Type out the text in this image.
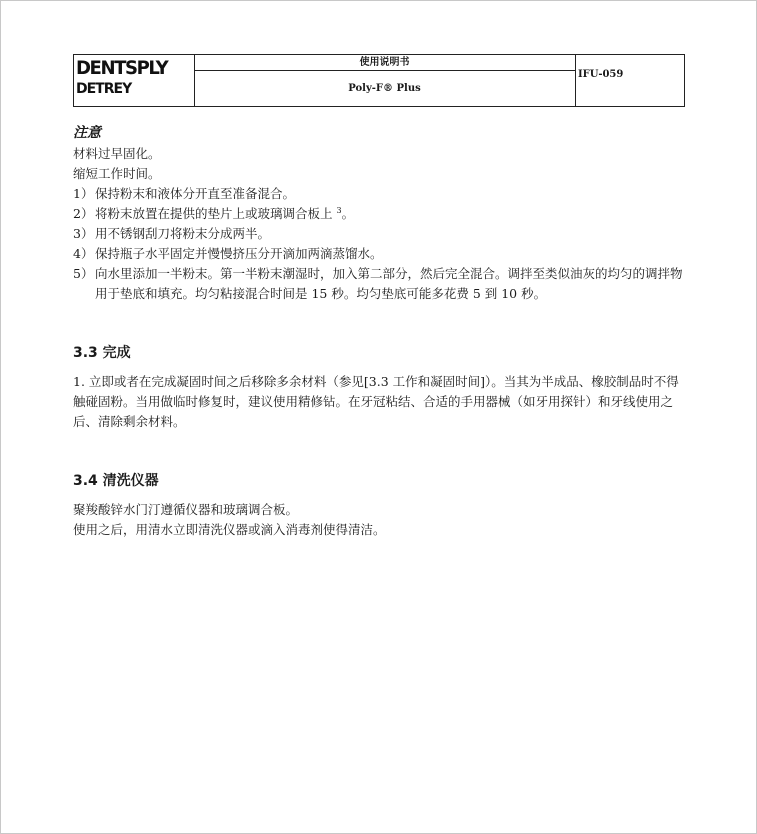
DENTSPLY
DETREY
使用说明书
Poly-F® Plus
IFU-059
注意
材料过早固化。
缩短工作时间。
1） 保持粉末和液体分开直至准备混合。
2） 将粉末放置在提供的垫片上或玻璃调合板上 $^3$。
3） 用不锈钢刮刀将粉末分成两半。
4） 保持瓶子水平固定并慢慢挤压分开滴加两滴蒸馏水。
5） 向水里添加一半粉末。第一半粉末潮湿时，加入第二部分，然后完全混合。调拌至类似油灰的均匀的调拌物用于垫底和填充。均匀粘接混合时间是 15 秒。均匀垫底可能多花费 5 到 10 秒。
3.3 完成
1. 立即或者在完成凝固时间之后移除多余材料（参见[3.3 工作和凝固时间]）。当其为半成品、橡胶制品时不得触碰固粉。当用做临时修复时，建议使用精修钻。在牙冠粘结、合适的手用器械（如牙用探针）和牙线使用之后、清除剩余材料。
3.4 清洗仪器
聚羧酸锌水门汀遵循仪器和玻璃调合板。
使用之后，用清水立即清洗仪器或滴入消毒剂使得清洁。
